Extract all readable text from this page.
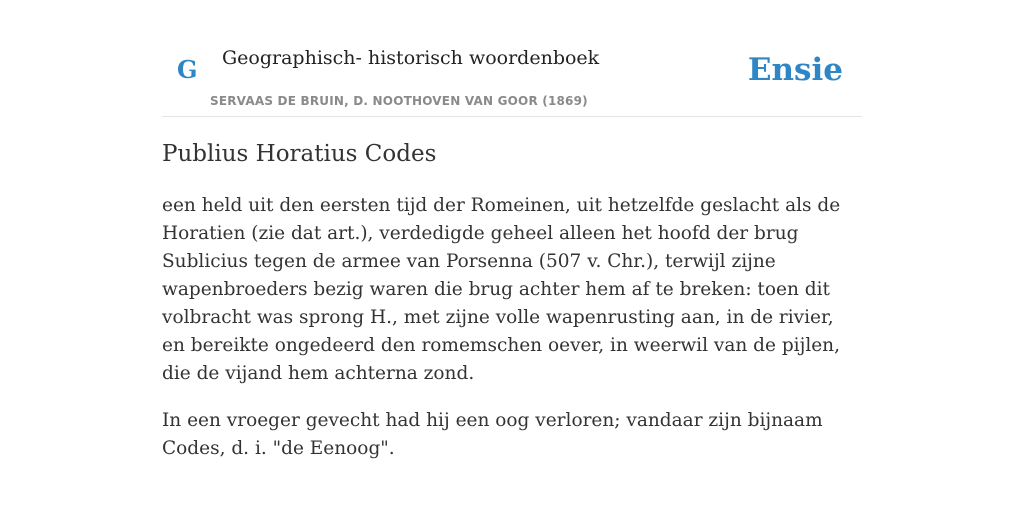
G Geographisch- historisch woordenboek
SERVAAS DE BRUIN, D. NOOTHOVEN VAN GOOR (1869)
Ensie
Publius Horatius Codes

een held uit den eersten tijd der Romeinen, uit hetzelfde geslacht als de Horatien (zie dat art.), verdedigde geheel alleen het hoofd der brug Sublicius tegen de armee van Porsenna (507 v. Chr.), terwijl zijne wapenbroeders bezig waren die brug achter hem af te breken: toen dit volbracht was sprong H., met zijne volle wapenrusting aan, in de rivier, en bereikte ongedeerd den romemschen oever, in weerwil van de pijlen, die de vijand hem achterna zond.

In een vroeger gevecht had hij een oog verloren; vandaar zijn bijnaam Codes, d. i. "de Eenoog".
